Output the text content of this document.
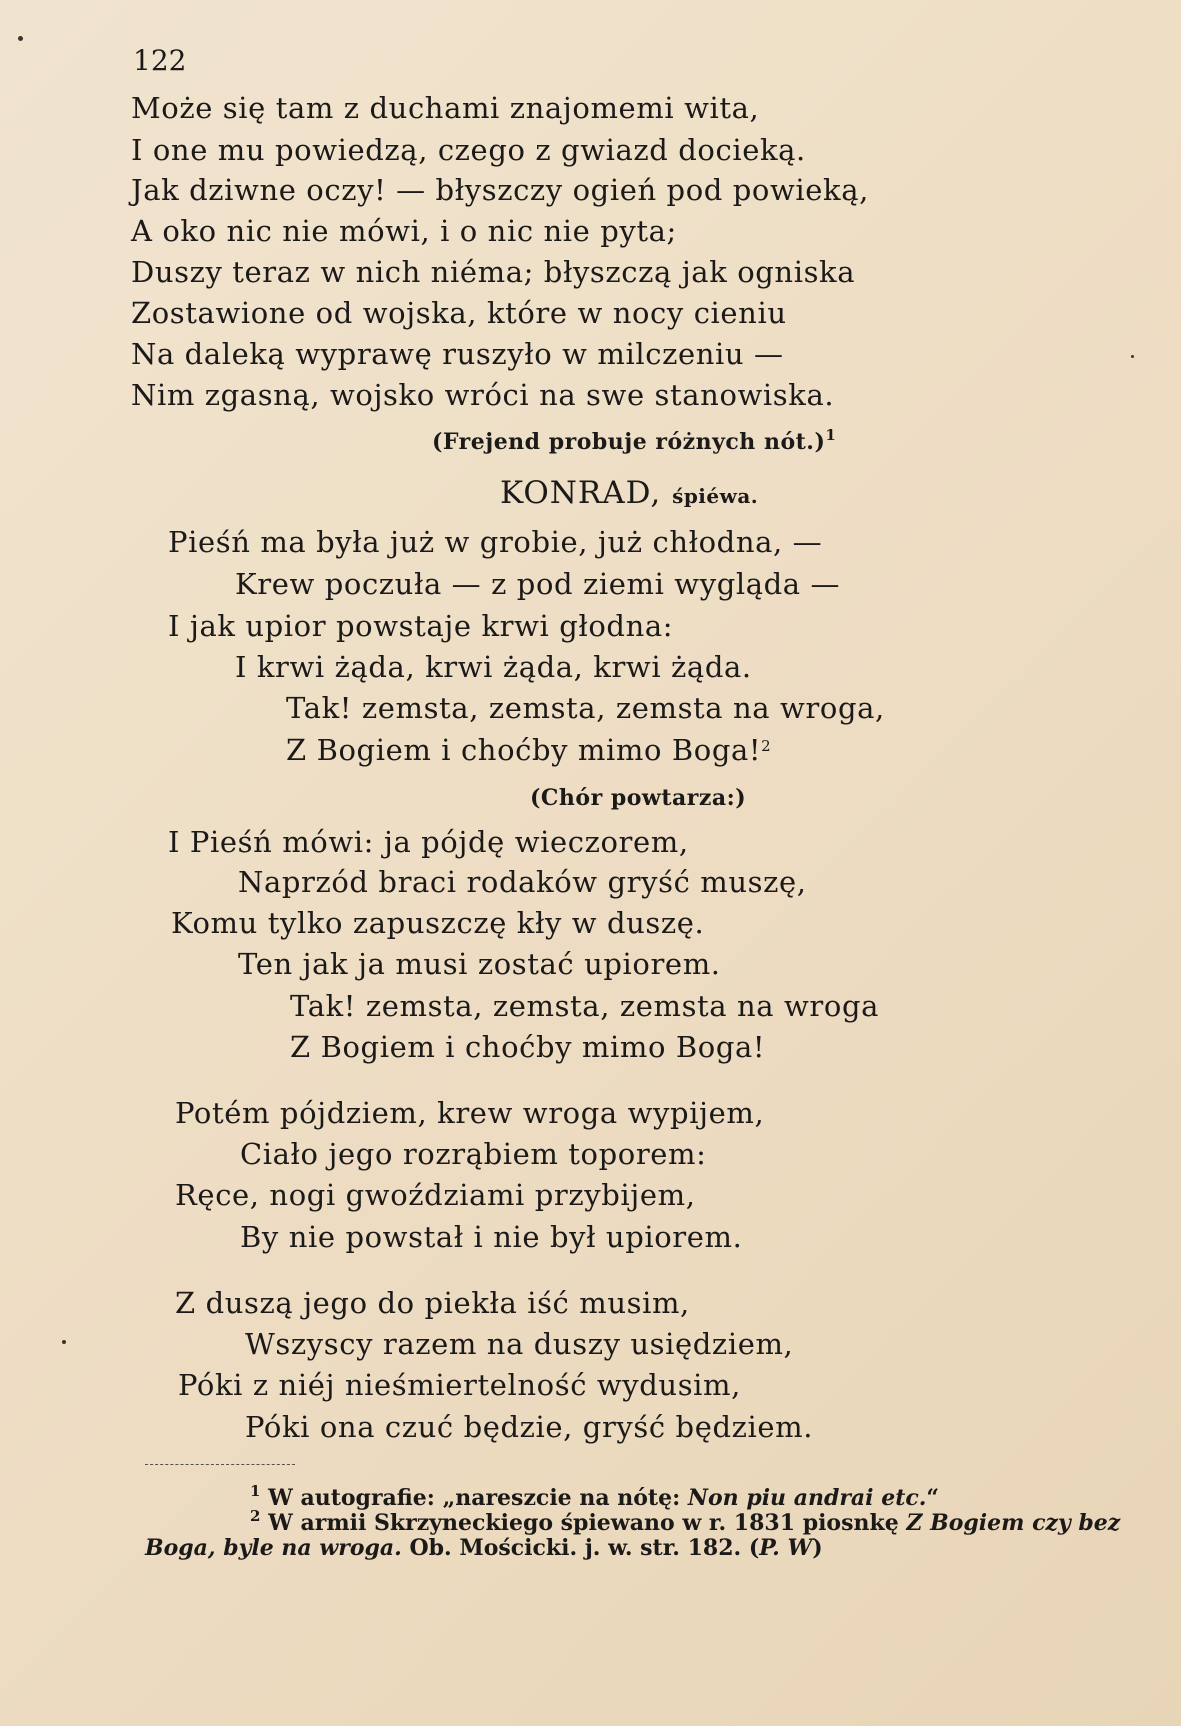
122
Może się tam z duchami znajomemi wita,
I one mu powiedzą, czego z gwiazd docieką.
Jak dziwne oczy! — błyszczy ogień pod powieką,
A oko nic nie mówi, i o nic nie pyta;
Duszy teraz w nich niéma; błyszczą jak ogniska
Zostawione od wojska, które w nocy cieniu
Na daleką wyprawę ruszyło w milczeniu —
Nim zgasną, wojsko wróci na swe stanowiska.
(Frejend probuje różnych nót.)$^1$
KONRAD, śpiéwa.
Pieśń ma była już w grobie, już chłodna, —
Krew poczuła — z pod ziemi wygląda —
I jak upior powstaje krwi głodna:
I krwi żąda, krwi żąda, krwi żąda.
Tak! zemsta, zemsta, zemsta na wroga,
Z Bogiem i choćby mimo Boga!$^2$
(Chór powtarza:)
I Pieśń mówi: ja pójdę wieczorem,
Naprzód braci rodaków gryść muszę,
Komu tylko zapuszczę kły w duszę.
Ten jak ja musi zostać upiorem.
Tak! zemsta, zemsta, zemsta na wroga
Z Bogiem i choćby mimo Boga!
Potém pójdziem, krew wroga wypijem,
Ciało jego rozrąbiem toporem:
Ręce, nogi gwoździami przybijem,
By nie powstał i nie był upiorem.
Z duszą jego do piekła iść musim,
Wszyscy razem na duszy usiędziem,
Póki z niéj nieśmiertelność wydusim,
Póki ona czuć będzie, gryść będziem.
$^1$ W autografie: „nareszcie na nótę: Non piu andrai etc.“
$^2$ W armii Skrzyneckiego śpiewano w r. 1831 piosnkę Z Bogiem czy bez
Boga, byle na wroga. Ob. Mościcki. j. w. str. 182. (P. W)
